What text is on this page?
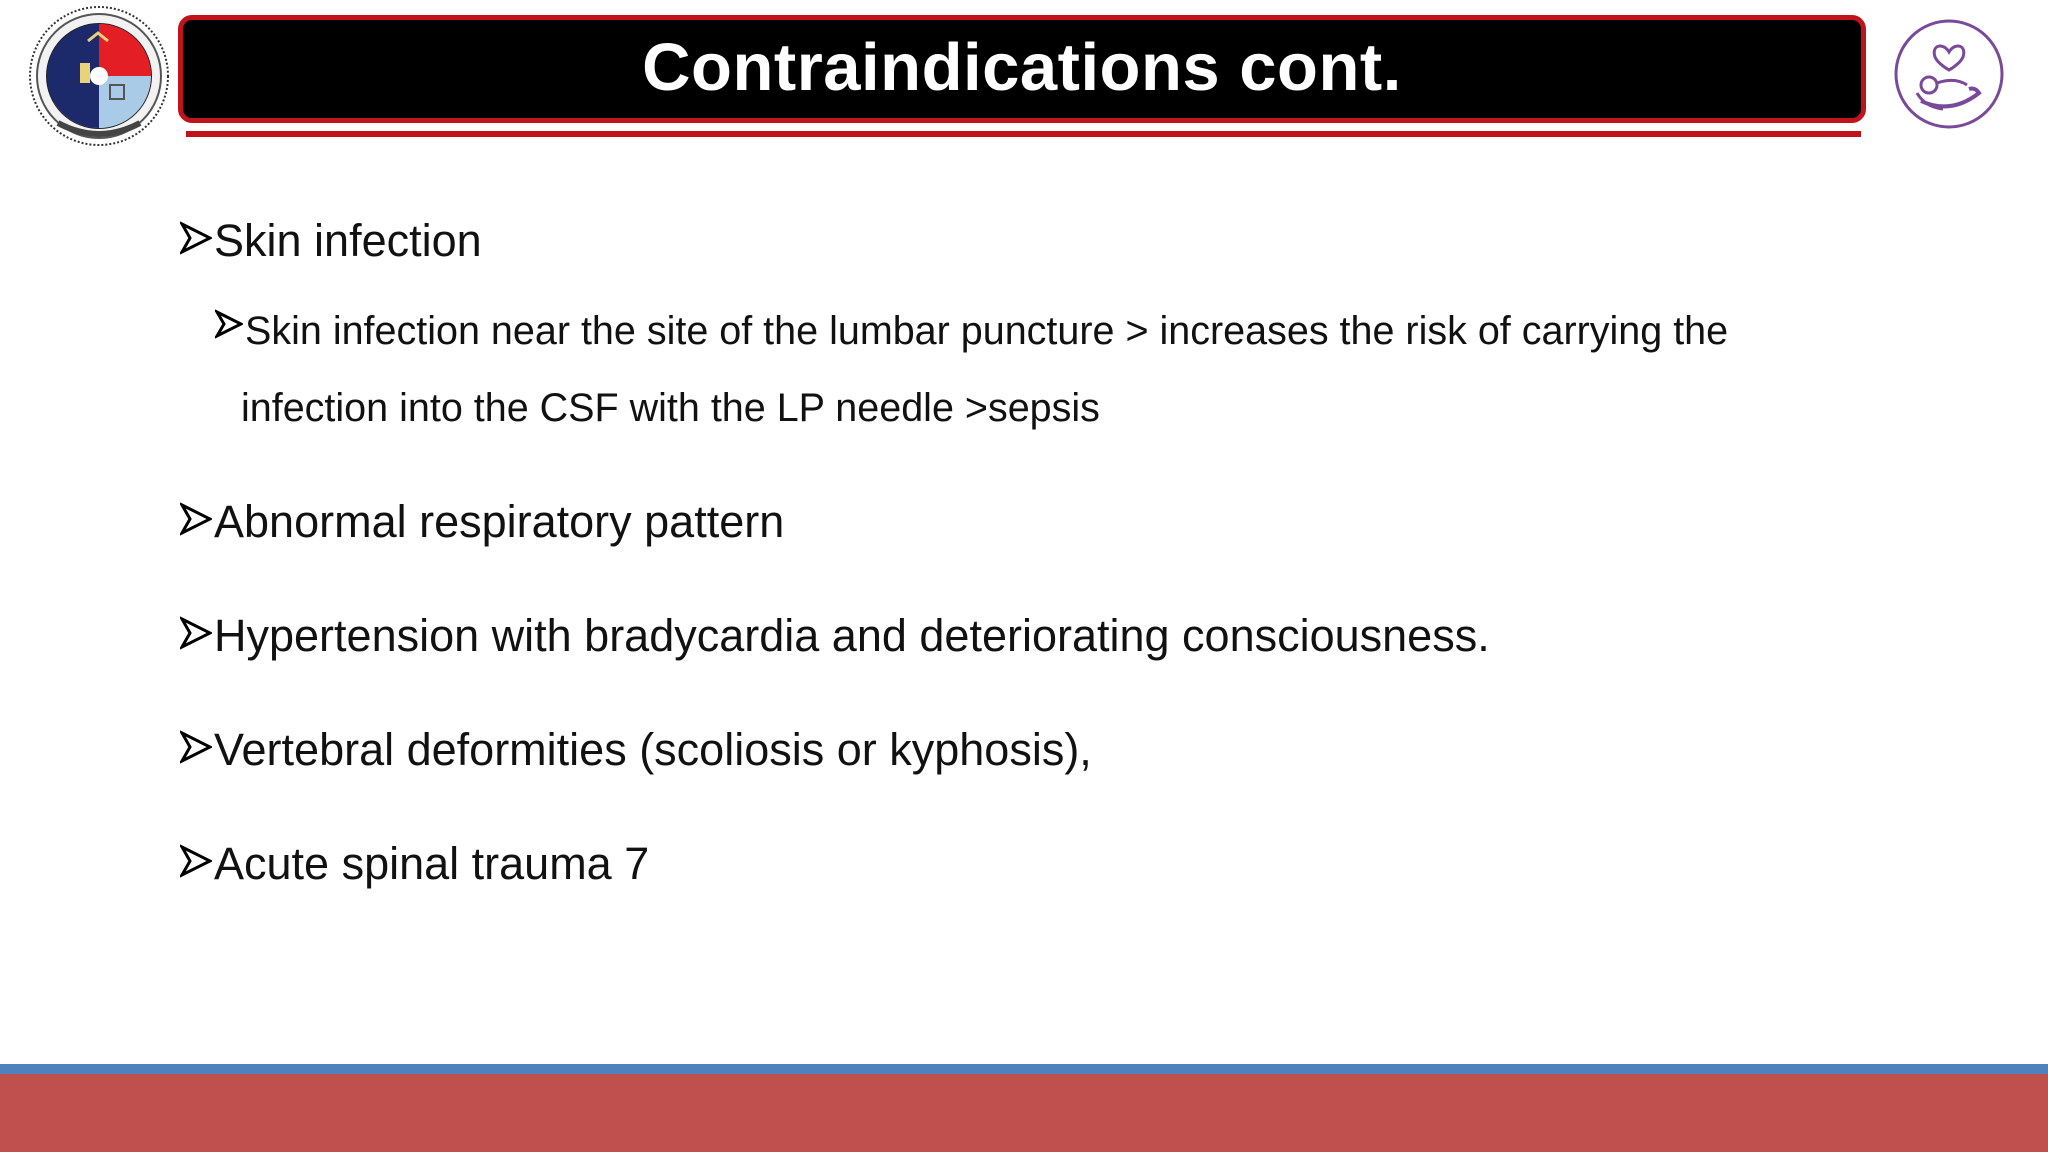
Contraindications cont.
Skin infection
Skin infection near the site of the lumbar puncture > increases the risk of carrying the
infection into the CSF with the LP needle >sepsis
Abnormal respiratory pattern
Hypertension with bradycardia and deteriorating consciousness.
Vertebral deformities (scoliosis or kyphosis),
Acute spinal trauma 7
